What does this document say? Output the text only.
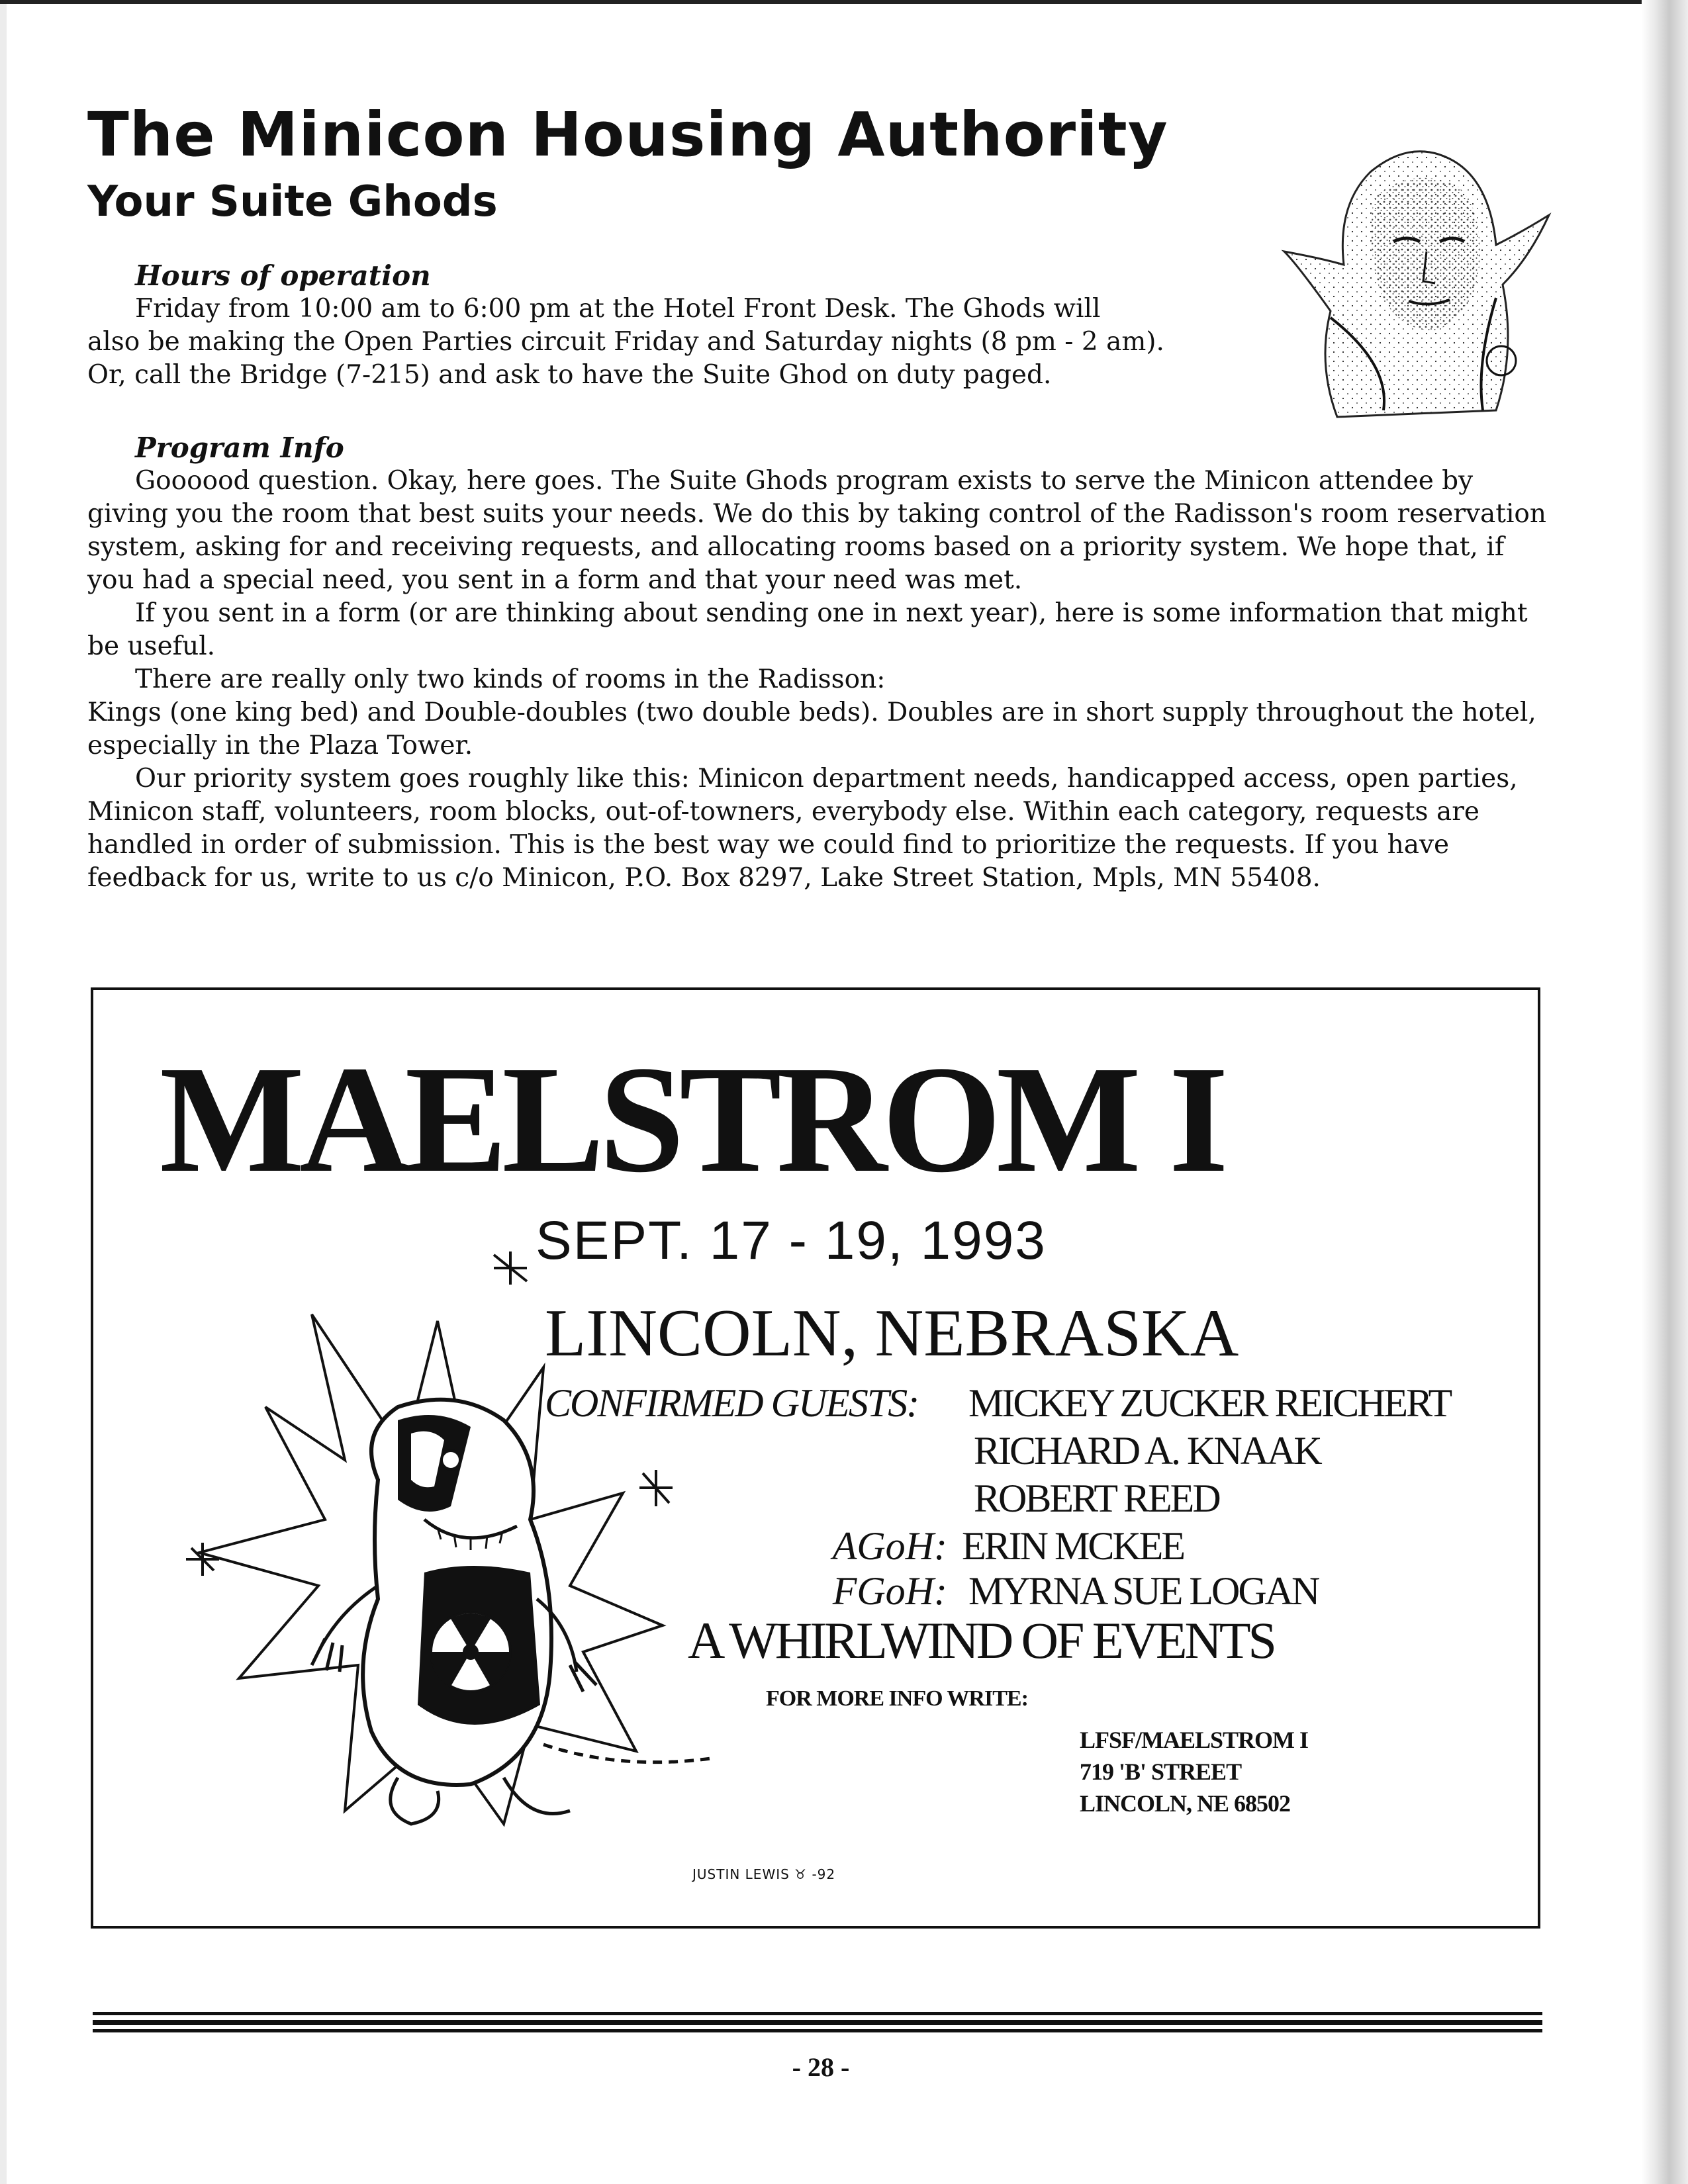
The Minicon Housing Authority
Your Suite Ghods
Hours of operation
Friday from 10:00 am to 6:00 pm at the Hotel Front Desk. The Ghods will
also be making the Open Parties circuit Friday and Saturday nights (8 pm - 2 am).
Or, call the Bridge (7-215) and ask to have the Suite Ghod on duty paged.
Program Info

Goooood question. Okay, here goes. The Suite Ghods program exists to serve the Minicon attendee by giving you the room that best suits your needs. We do this by taking control of the Radisson's room reservation system, asking for and receiving requests, and allocating rooms based on a priority system. We hope that, if you had a special need, you sent in a form and that your need was met.

If you sent in a form (or are thinking about sending one in next year), here is some information that might be useful.

There are really only two kinds of rooms in the Radisson:

Kings (one king bed) and Double-doubles (two double beds). Doubles are in short supply throughout the hotel, especially in the Plaza Tower.

Our priority system goes roughly like this: Minicon department needs, handicapped access, open parties, Minicon staff, volunteers, room blocks, out-of-towners, everybody else. Within each category, requests are handled in order of submission. This is the best way we could find to prioritize the requests. If you have feedback for us, write to us c/o Minicon, P.O. Box 8297, Lake Street Station, Mpls, MN 55408.

MAELSTROM I
SEPT. 17 - 19, 1993
LINCOLN, NEBRASKA
CONFIRMED GUESTS: MICKEY ZUCKER REICHERT
RICHARD A. KNAAK
ROBERT REED
AGoH: ERIN MCKEE
FGoH: MYRNA SUE LOGAN
A WHIRLWIND OF EVENTS
FOR MORE INFO WRITE:
LFSF/MAELSTROM I
719 'B' STREET
LINCOLN, NE 68502
JUSTIN LEWIS ♉ -92
- 28 -
